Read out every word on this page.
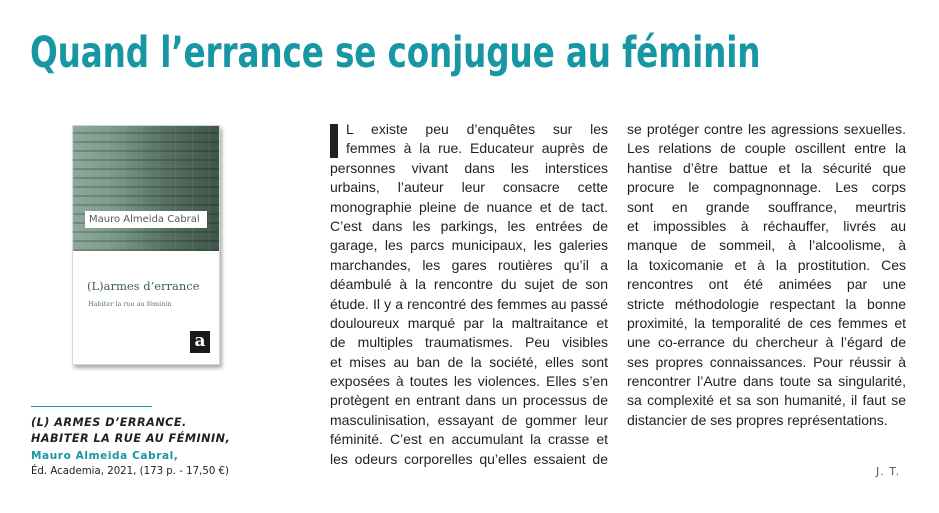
Quand l’errance se conjugue au féminin
Mauro Almeida Cabral
(L)armes d’errance
Habiter la rue au féminin
a

(L) ARMES D’ERRANCE.
HABITER LA RUE AU FÉMININ,

Mauro Almeida Cabral,

Éd. Academia, 2021, (173 p. - 17,50 €)

L existe peu d’enquêtes sur les
femmes à la rue. Educateur auprès de
personnes vivant dans les interstices
urbains, l’auteur leur consacre cette
monographie pleine de nuance et de tact.
C’est dans les parkings, les entrées de
garage, les parcs municipaux, les galeries
marchandes, les gares routières qu’il a
déambulé à la rencontre du sujet de son
étude. Il y a rencontré des femmes au passé
douloureux marqué par la maltraitance et
de multiples traumatismes. Peu visibles
et mises au ban de la société, elles sont
exposées à toutes les violences. Elles s’en
protègent en entrant dans un processus de
masculinisation, essayant de gommer leur
féminité. C’est en accumulant la crasse et
les odeurs corporelles qu’elles essaient de
se protéger contre les agressions sexuelles.
Les relations de couple oscillent entre la
hantise d’être battue et la sécurité que
procure le compagnonnage. Les corps
sont en grande souffrance, meurtris
et impossibles à réchauffer, livrés au
manque de sommeil, à l’alcoolisme, à
la toxicomanie et à la prostitution. Ces
rencontres ont été animées par une
stricte méthodologie respectant la bonne
proximité, la temporalité de ces femmes et
une co-errance du chercheur à l’égard de
ses propres connaissances. Pour réussir à
rencontrer l’Autre dans toute sa singularité,
sa complexité et sa son humanité, il faut se
distancier de ses propres représentations.
J. T.
